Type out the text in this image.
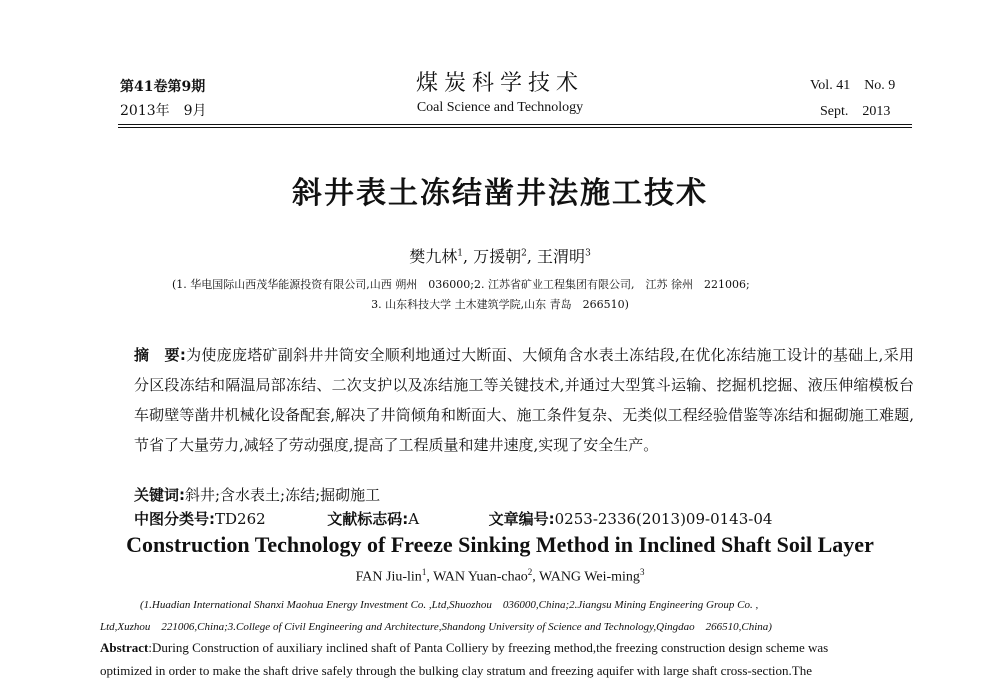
第41卷第9期
2013年　9月
煤炭科学技术
Coal Science and Technology
Vol. 41　No. 9
Sept.　2013
斜井表土冻结凿井法施工技术
樊九林$^1$, 万援朝$^2$, 王渭明$^3$
(1. 华电国际山西茂华能源投资有限公司,山西 朔州　036000;2. 江苏省矿业工程集团有限公司,　江苏 徐州　221006;
3. 山东科技大学 土木建筑学院,山东 青岛　266510)
摘　要:为使庞庞塔矿副斜井井筒安全顺利地通过大断面、大倾角含水表土冻结段,在优化冻结施工设计的基础上,采用分区段冻结和隔温局部冻结、二次支护以及冻结施工等关键技术,并通过大型箕斗运输、挖掘机挖掘、液压伸缩模板台车砌壁等凿井机械化设备配套,解决了井筒倾角和断面大、施工条件复杂、无类似工程经验借鉴等冻结和掘砌施工难题,节省了大量劳力,减轻了劳动强度,提高了工程质量和建井速度,实现了安全生产。
关键词:斜井;含水表土;冻结;掘砌施工
中图分类号:TD262	文献标志码:A	文章编号:0253-2336(2013)09-0143-04
Construction Technology of Freeze Sinking Method in Inclined Shaft Soil Layer
FAN Jiu-lin$^1$, WAN Yuan-chao$^2$, WANG Wei-ming$^3$
(1.Huadian International Shanxi Maohua Energy Investment Co. ,Ltd,Shuozhou　036000,China;2.Jiangsu Mining Engineering Group Co. ,
Ltd,Xuzhou　221006,China;3.College of Civil Engineering and Architecture,Shandong University of Science and Technology,Qingdao　266510,China)
Abstract:During Construction of auxiliary inclined shaft of Panta Colliery by freezing method,the freezing construction design scheme was
optimized in order to make the shaft drive safely through the bulking clay stratum and freezing aquifer with large shaft cross-section.The
